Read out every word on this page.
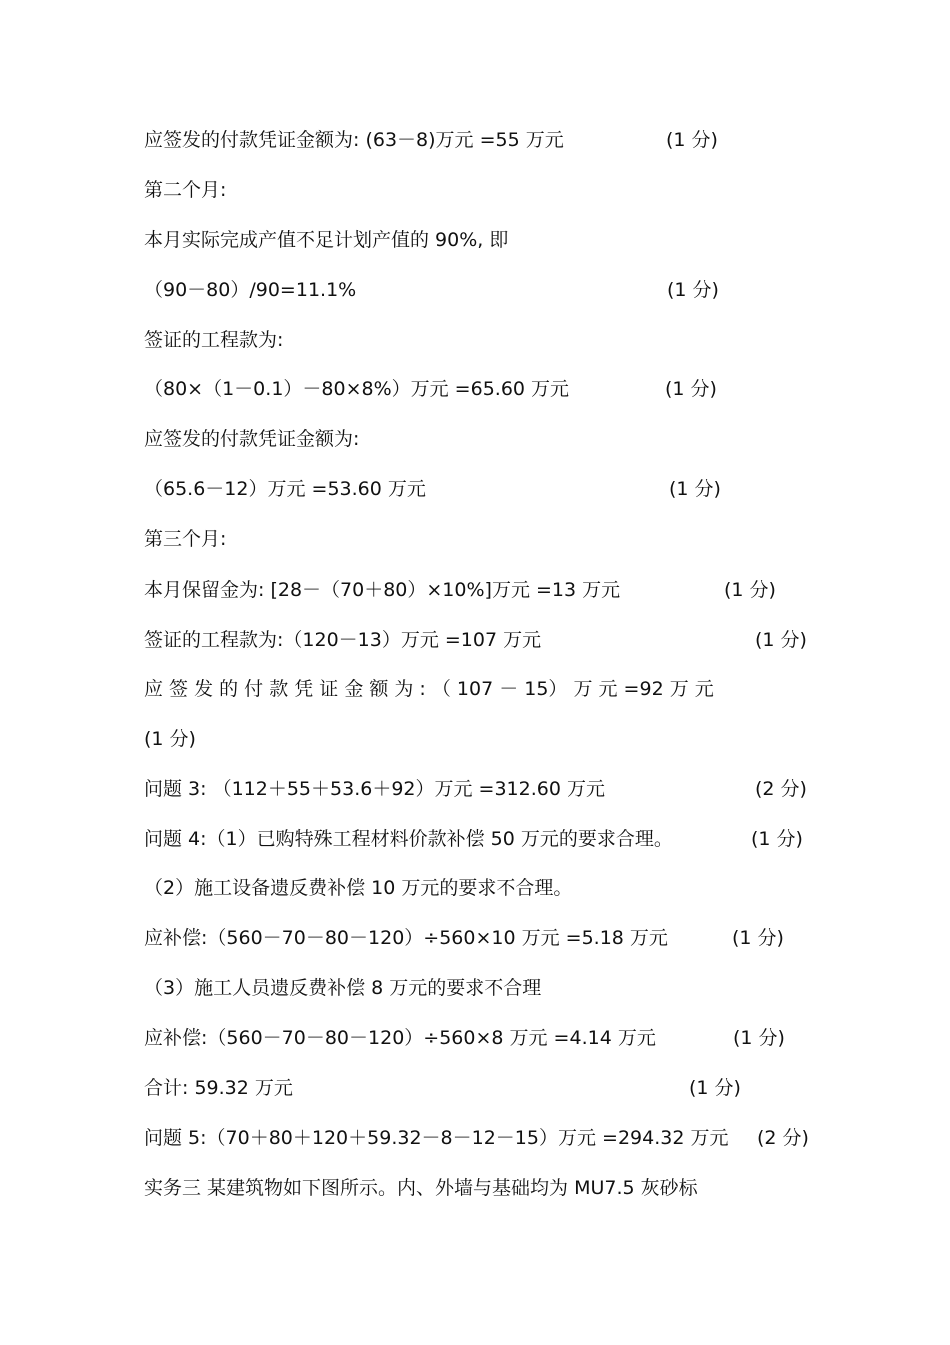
应签发的付款凭证金额为: (63－8)万元 =55 万元	(1 分)
第二个月:
本月实际完成产值不足计划产值的 90%, 即
（90－80）/90=11.1%	(1 分)
签证的工程款为:
（80×（1－0.1）－80×8%）万元 =65.60 万元	(1 分)
应签发的付款凭证金额为:
（65.6－12）万元 =53.60 万元	(1 分)
第三个月:
本月保留金为: [28－（70＋80）×10%]万元 =13 万元	(1 分)
签证的工程款为:（120－13）万元 =107 万元	(1 分)
应 签 发 的 付 款 凭 证 金 额 为 : （ 107 － 15） 万 元 =92 万 元
(1 分)
问题 3: （112＋55＋53.6＋92）万元 =312.60 万元	(2 分)
问题 4:（1）已购特殊工程材料价款补偿 50 万元的要求合理。	(1 分)
（2）施工设备遗反费补偿 10 万元的要求不合理。
应补偿:（560－70－80－120）÷560×10 万元 =5.18 万元	(1 分)
（3）施工人员遗反费补偿 8 万元的要求不合理
应补偿:（560－70－80－120）÷560×8 万元 =4.14 万元	(1 分)
合计: 59.32 万元	(1 分)
问题 5:（70＋80＋120＋59.32－8－12－15）万元 =294.32 万元 (2 分)
实务三 某建筑物如下图所示。内、外墙与基础均为 MU7.5 灰砂标
